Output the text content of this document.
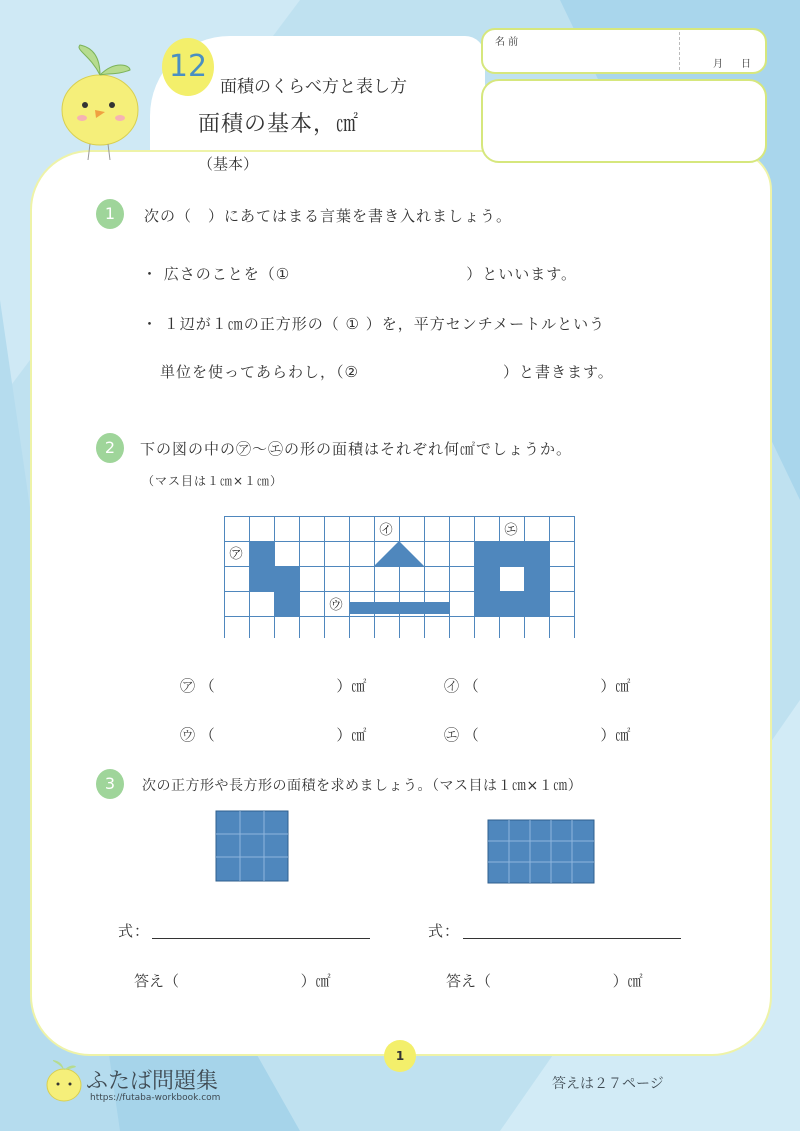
12
面積のくらべ方と表し方
面積の基本，㎠
（基本）
名 前
月 日
1	次の（　）にあてはまる言葉を書き入れましょう。
・ 広さのことを（①　　　　　　　　　　　）といいます。
・ １辺が１㎝の正方形の（ ① ）を，平方センチメートルという
単位を使ってあらわし，（②　　　　　　　　　）と書きます。
2	下の図の中の㋐〜㋓の形の面積はそれぞれ何㎠でしょうか。
（マス目は１㎝×１㎝）
㋐
㋑
㋒
㋓
㋐ （	）㎠	㋑ （	）㎠
㋒ （	）㎠	㋓ （	）㎠
3	次の正方形や長方形の面積を求めましょう。（マス目は１㎝×１㎝）
式：	式：
答え（	）㎠	答え（	）㎠
1
ふたば問題集
https://futaba-workbook.com
答えは２７ページ
